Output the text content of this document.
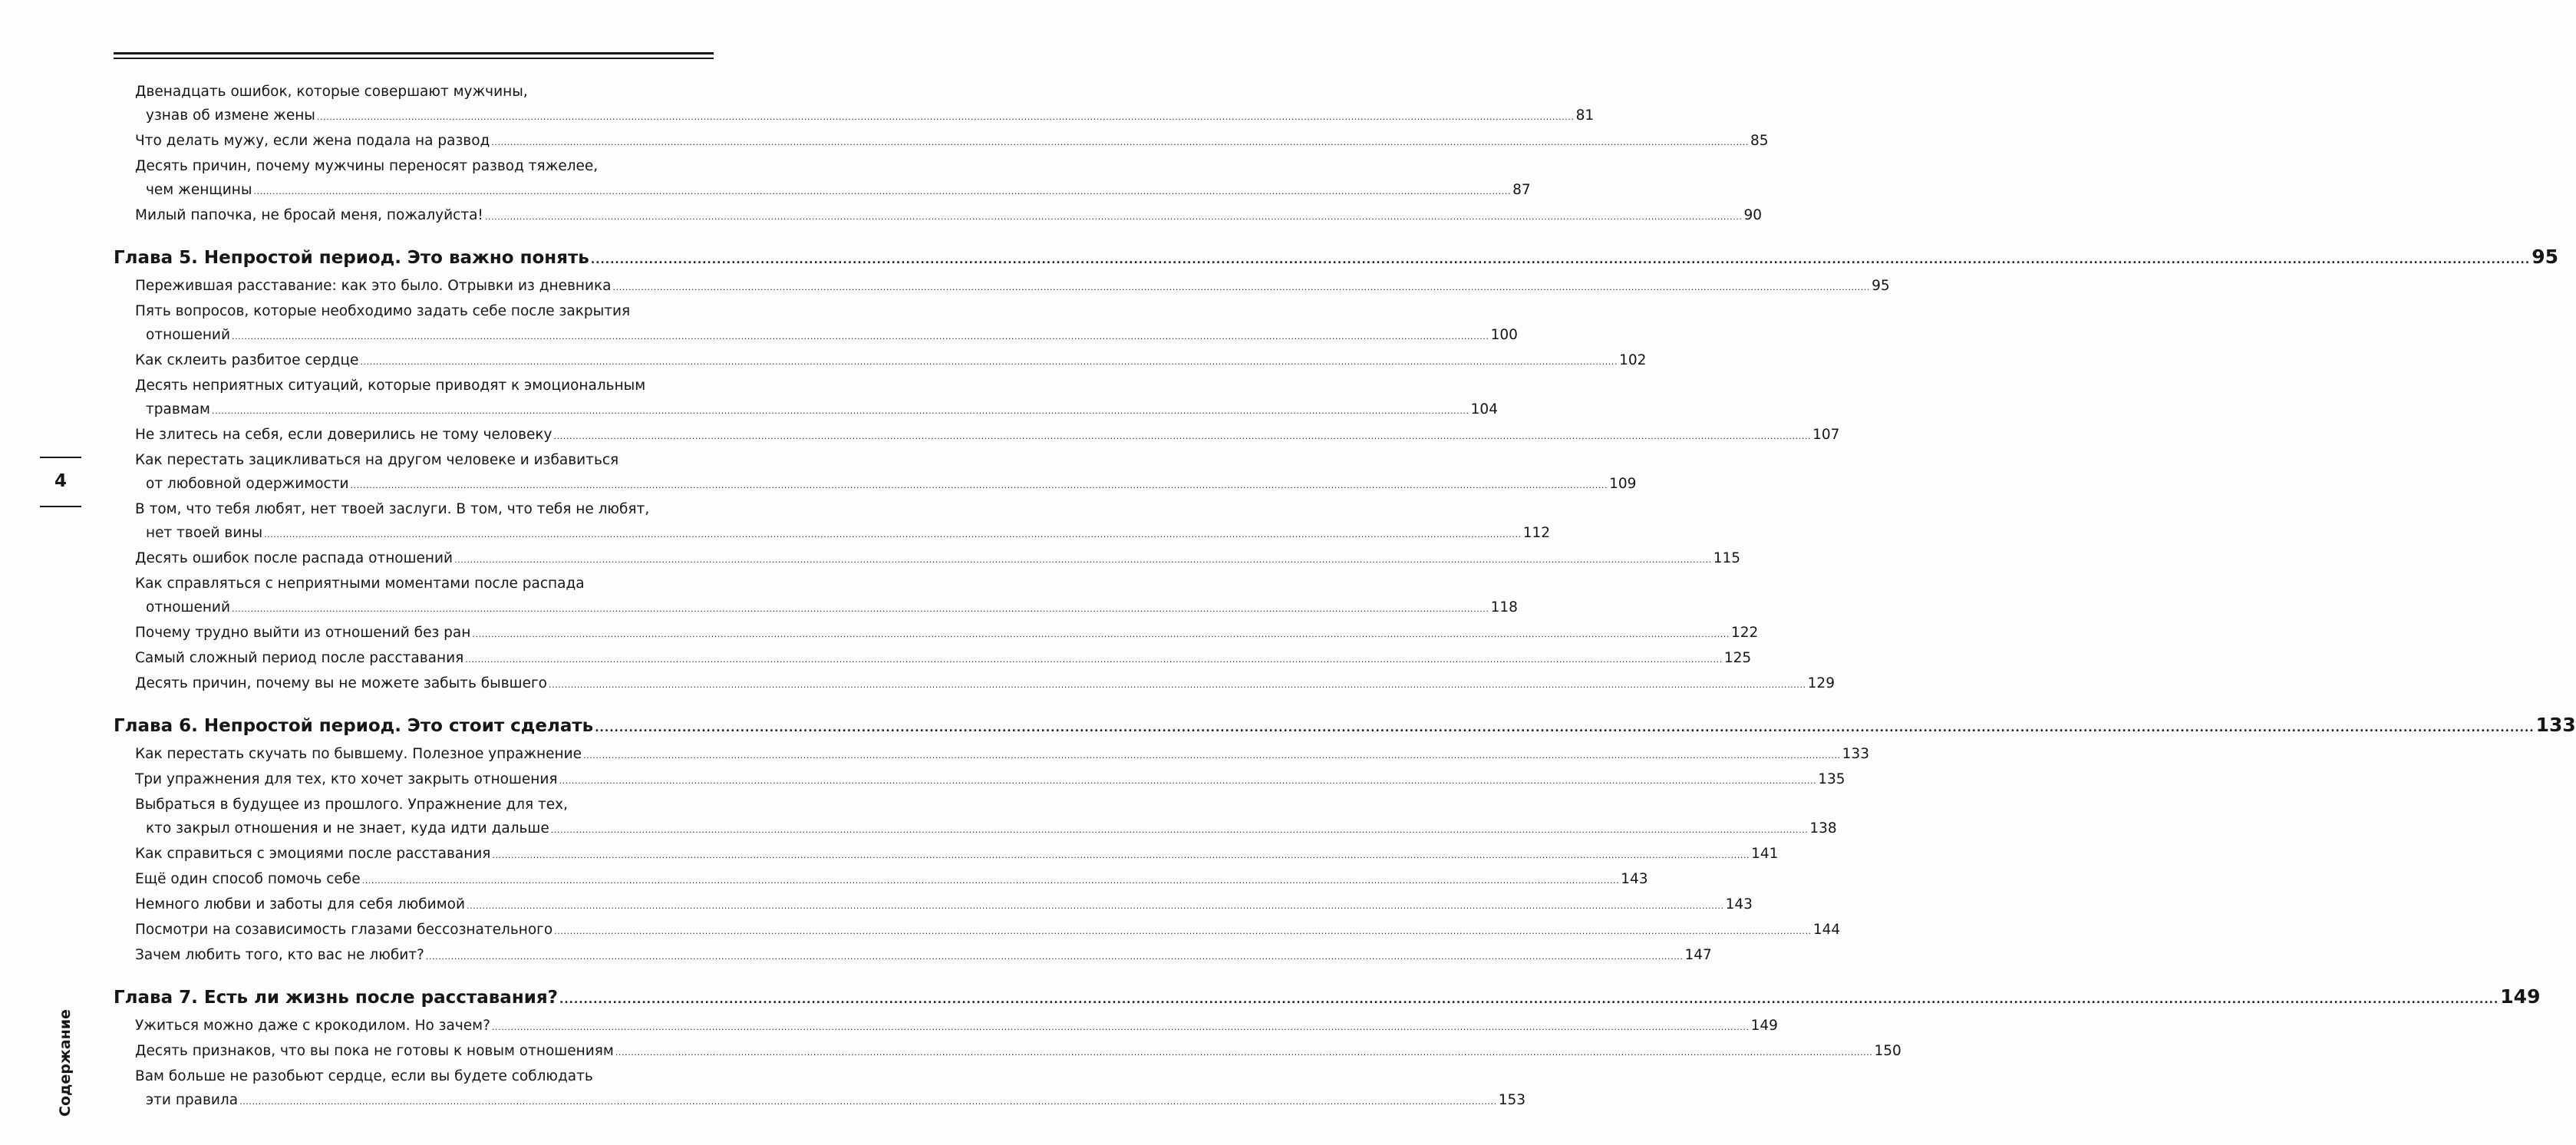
4
Содержание
Двенадцать ошибок, которые совершают мужчины,
узнав об измене жены ................................................................................................................................................................................................................................................................................................................................................................................................................ 81
Что делать мужу, если жена подала на развод ................................................................................................................................................................................................................................................................................................................................................................................................................ 85
Десять причин, почему мужчины переносят развод тяжелее,
чем женщины ................................................................................................................................................................................................................................................................................................................................................................................................................ 87
Милый папочка, не бросай меня, пожалуйста! ................................................................................................................................................................................................................................................................................................................................................................................................................ 90
Глава 5. Непростой период. Это важно понять ................................................................................................................................................................................................................................................................................................................................................................................................................ 95
Пережившая расставание: как это было. Отрывки из дневника ................................................................................................................................................................................................................................................................................................................................................................................................................ 95
Пять вопросов, которые необходимо задать себе после закрытия
отношений ................................................................................................................................................................................................................................................................................................................................................................................................................ 100
Как склеить разбитое сердце ................................................................................................................................................................................................................................................................................................................................................................................................................ 102
Десять неприятных ситуаций, которые приводят к эмоциональным
травмам ................................................................................................................................................................................................................................................................................................................................................................................................................ 104
Не злитесь на себя, если доверились не тому человеку ................................................................................................................................................................................................................................................................................................................................................................................................................ 107
Как перестать зацикливаться на другом человеке и избавиться
от любовной одержимости ................................................................................................................................................................................................................................................................................................................................................................................................................ 109
В том, что тебя любят, нет твоей заслуги. В том, что тебя не любят,
нет твоей вины ................................................................................................................................................................................................................................................................................................................................................................................................................ 112
Десять ошибок после распада отношений ................................................................................................................................................................................................................................................................................................................................................................................................................ 115
Как справляться с неприятными моментами после распада
отношений ................................................................................................................................................................................................................................................................................................................................................................................................................ 118
Почему трудно выйти из отношений без ран ................................................................................................................................................................................................................................................................................................................................................................................................................ 122
Самый сложный период после расставания ................................................................................................................................................................................................................................................................................................................................................................................................................ 125
Десять причин, почему вы не можете забыть бывшего ................................................................................................................................................................................................................................................................................................................................................................................................................ 129
Глава 6. Непростой период. Это стоит сделать ................................................................................................................................................................................................................................................................................................................................................................................................................ 133
Как перестать скучать по бывшему. Полезное упражнение ................................................................................................................................................................................................................................................................................................................................................................................................................ 133
Три упражнения для тех, кто хочет закрыть отношения ................................................................................................................................................................................................................................................................................................................................................................................................................ 135
Выбраться в будущее из прошлого. Упражнение для тех,
кто закрыл отношения и не знает, куда идти дальше ................................................................................................................................................................................................................................................................................................................................................................................................................ 138
Как справиться с эмоциями после расставания ................................................................................................................................................................................................................................................................................................................................................................................................................ 141
Ещё один способ помочь себе ................................................................................................................................................................................................................................................................................................................................................................................................................ 143
Немного любви и заботы для себя любимой ................................................................................................................................................................................................................................................................................................................................................................................................................ 143
Посмотри на созависимость глазами бессознательного ................................................................................................................................................................................................................................................................................................................................................................................................................ 144
Зачем любить того, кто вас не любит? ................................................................................................................................................................................................................................................................................................................................................................................................................ 147
Глава 7. Есть ли жизнь после расставания? ................................................................................................................................................................................................................................................................................................................................................................................................................ 149
Ужиться можно даже с крокодилом. Но зачем? ................................................................................................................................................................................................................................................................................................................................................................................................................ 149
Десять признаков, что вы пока не готовы к новым отношениям ................................................................................................................................................................................................................................................................................................................................................................................................................ 150
Вам больше не разобьют сердце, если вы будете соблюдать
эти правила ................................................................................................................................................................................................................................................................................................................................................................................................................ 153
